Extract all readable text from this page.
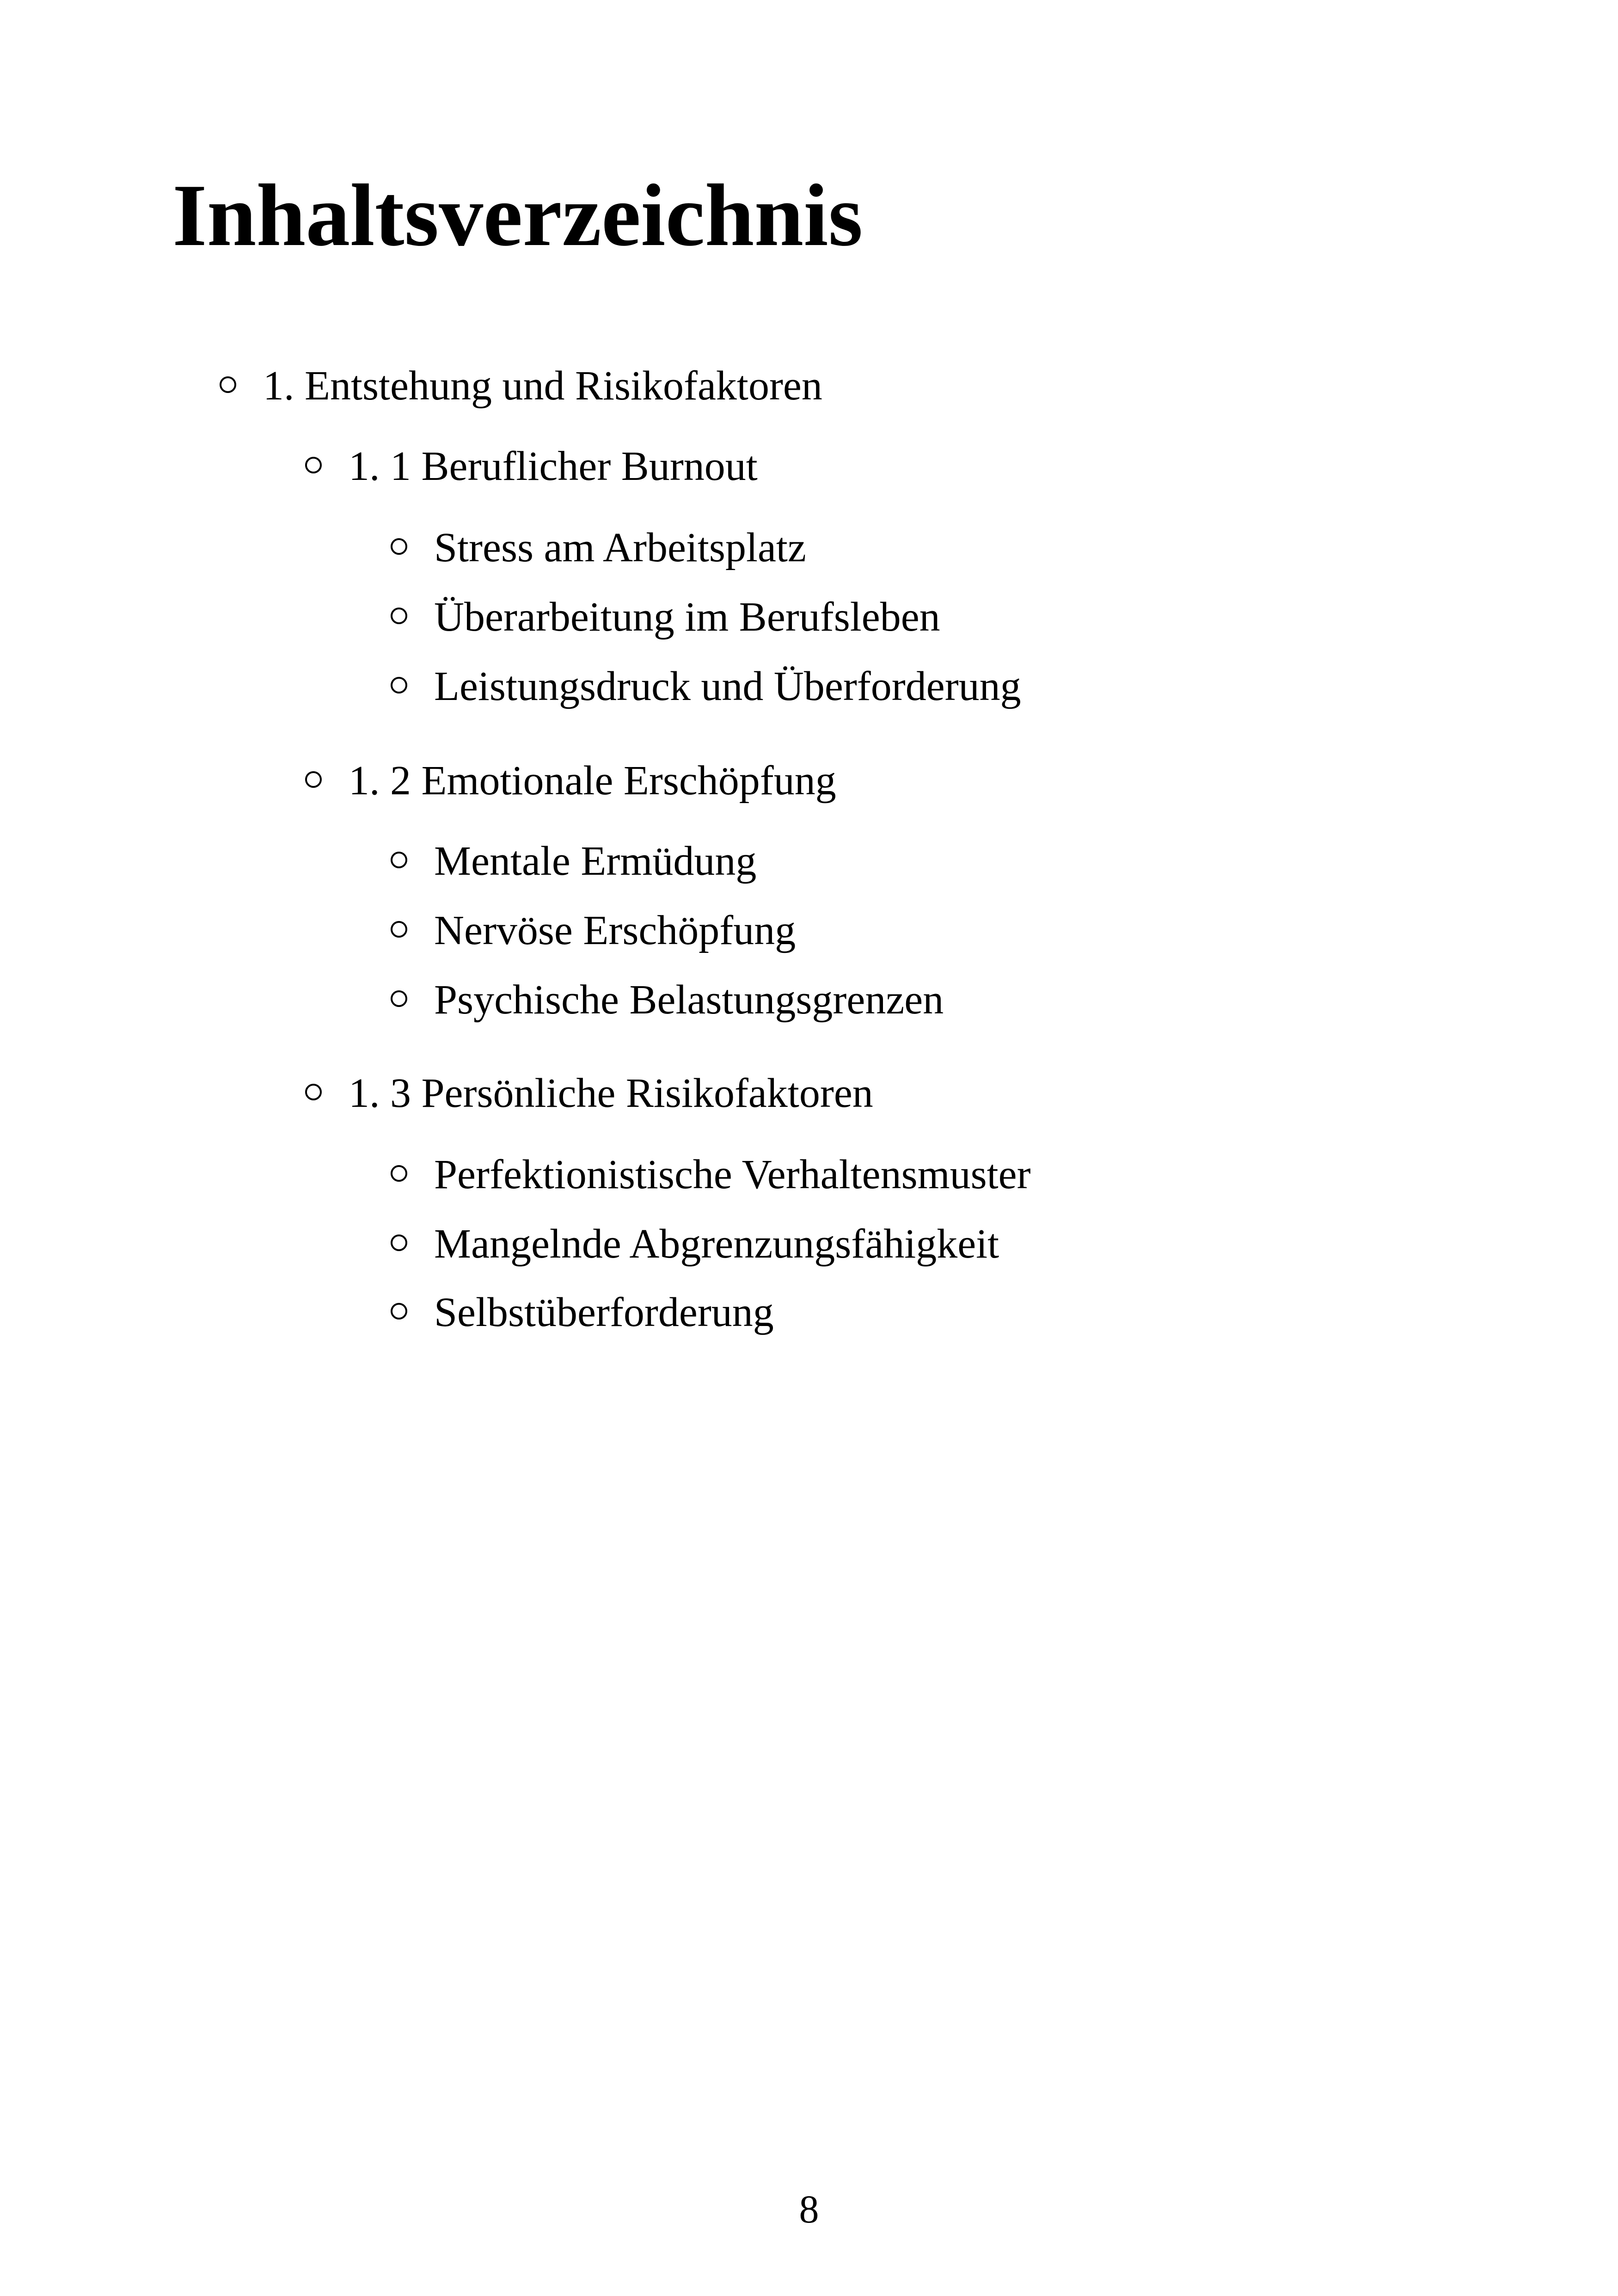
Inhaltsverzeichnis
1. Entstehung und Risikofaktoren
1. 1 Beruflicher Burnout
Stress am Arbeitsplatz
Überarbeitung im Berufsleben
Leistungsdruck und Überforderung
1. 2 Emotionale Erschöpfung
Mentale Ermüdung
Nervöse Erschöpfung
Psychische Belastungsgrenzen
1. 3 Persönliche Risikofaktoren
Perfektionistische Verhaltensmuster
Mangelnde Abgrenzungsfähigkeit
Selbstüberforderung
8
